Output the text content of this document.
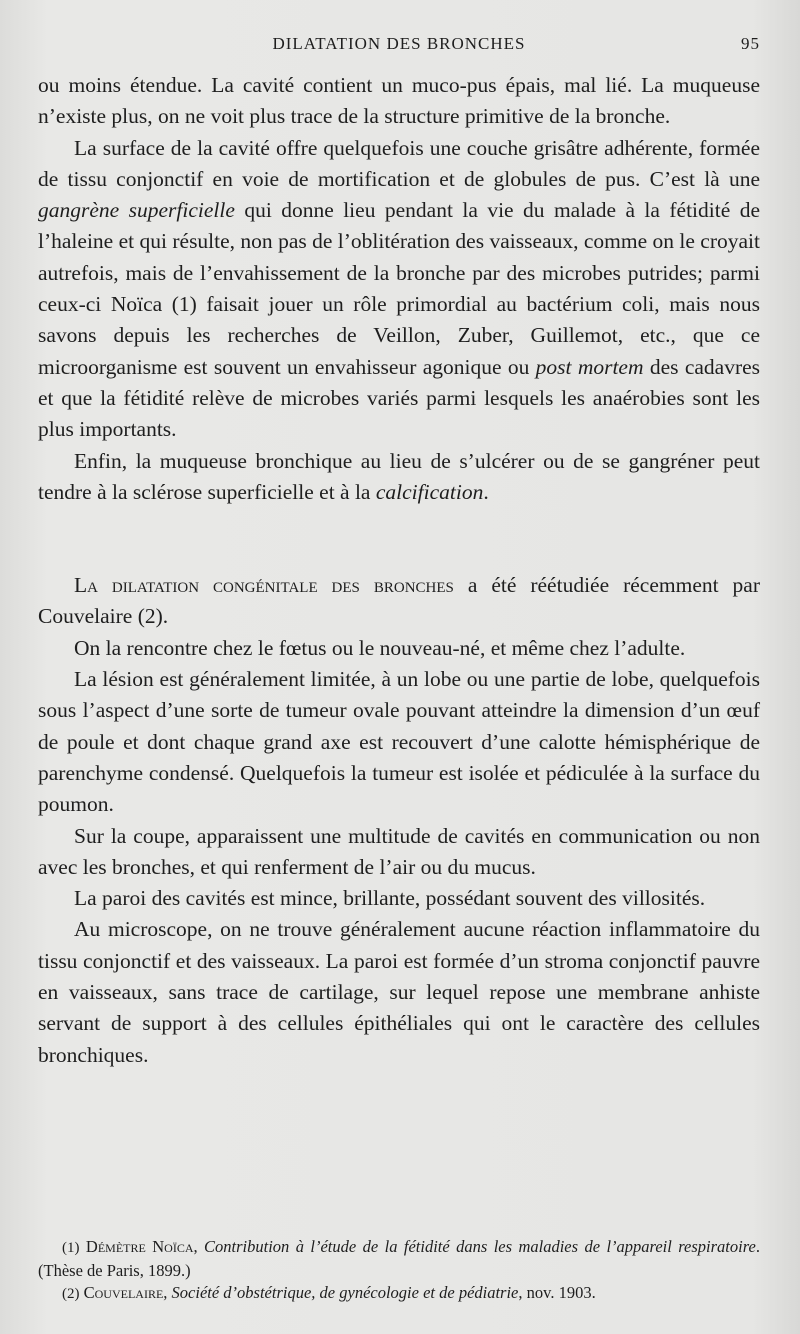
DILATATION DES BRONCHES	95

ou moins étendue. La cavité contient un muco-pus épais, mal lié. La muqueuse n’existe plus, on ne voit plus trace de la structure primitive de la bronche.

La surface de la cavité offre quelquefois une couche grisâtre adhérente, formée de tissu conjonctif en voie de mortification et de globules de pus. C’est là une gangrène superficielle qui donne lieu pendant la vie du malade à la fétidité de l’haleine et qui résulte, non pas de l’oblitération des vaisseaux, comme on le croyait autrefois, mais de l’envahissement de la bronche par des microbes putrides; parmi ceux-ci Noïca (1) faisait jouer un rôle primordial au bactérium coli, mais nous savons depuis les recherches de Veillon, Zuber, Guillemot, etc., que ce microorganisme est souvent un envahisseur agonique ou post mortem des cadavres et que la fétidité relève de microbes variés parmi lesquels les anaérobies sont les plus importants.

Enfin, la muqueuse bronchique au lieu de s’ulcérer ou de se gangréner peut tendre à la sclérose superficielle et à la calcification.

La dilatation congénitale des bronches a été réétudiée récemment par Couvelaire (2).

On la rencontre chez le fœtus ou le nouveau-né, et même chez l’adulte.

La lésion est généralement limitée, à un lobe ou une partie de lobe, quelquefois sous l’aspect d’une sorte de tumeur ovale pouvant atteindre la dimension d’un œuf de poule et dont chaque grand axe est recouvert d’une calotte hémisphérique de parenchyme condensé. Quelquefois la tumeur est isolée et pédiculée à la surface du poumon.

Sur la coupe, apparaissent une multitude de cavités en communication ou non avec les bronches, et qui renferment de l’air ou du mucus.

La paroi des cavités est mince, brillante, possédant souvent des villosités.

Au microscope, on ne trouve généralement aucune réaction inflammatoire du tissu conjonctif et des vaisseaux. La paroi est formée d’un stroma conjonctif pauvre en vaisseaux, sans trace de cartilage, sur lequel repose une membrane anhiste servant de support à des cellules épithéliales qui ont le caractère des cellules bronchiques.

(1) Démètre Noïca, Contribution à l’étude de la fétidité dans les maladies de l’appareil respiratoire. (Thèse de Paris, 1899.)

(2) Couvelaire, Société d’obstétrique, de gynécologie et de pédiatrie, nov. 1903.
